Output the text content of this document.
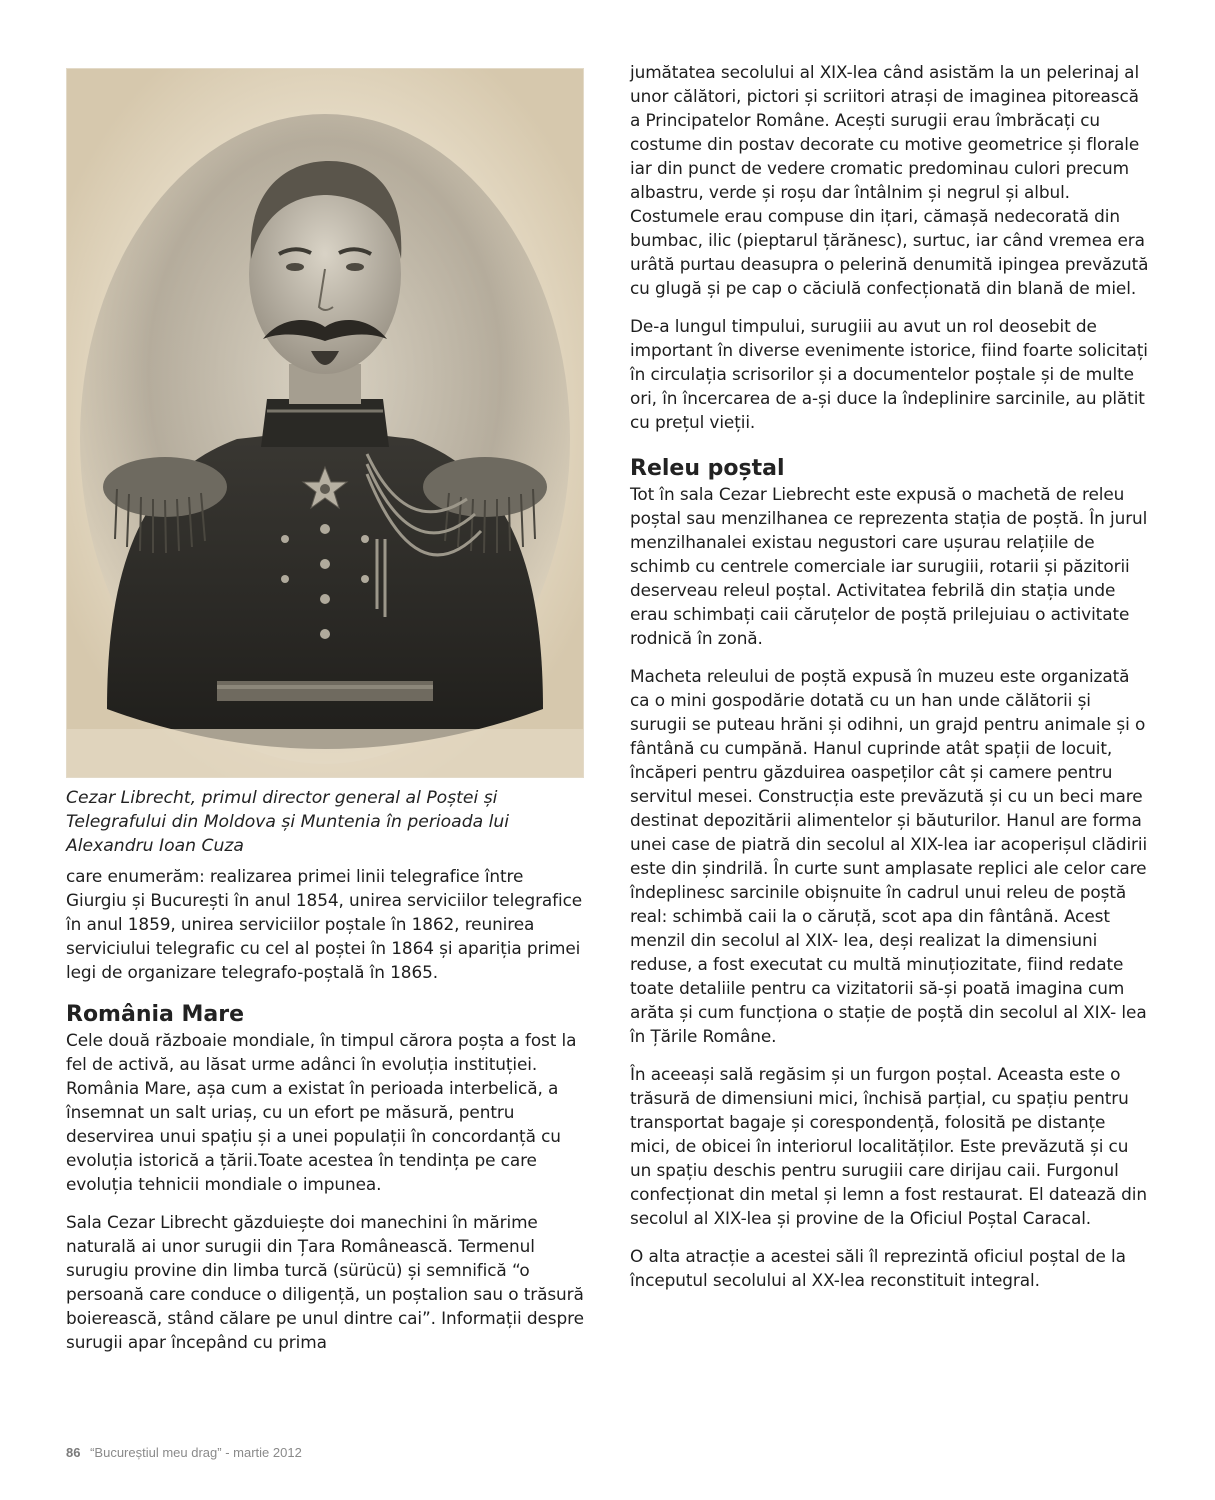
Cezar Librecht, primul director general al Poștei și Telegrafului din Moldova și Muntenia în perioada lui Alexandru Ioan Cuza

care enumerăm: realizarea primei linii telegrafice între Giurgiu și București în anul 1854, unirea serviciilor telegrafice în anul 1859, unirea serviciilor poștale în 1862, reunirea serviciului telegrafic cu cel al poștei în 1864 și apariția primei legi de organizare telegrafo-poștală în 1865.

România Mare

Cele două războaie mondiale, în timpul cărora poșta a fost la fel de activă, au lăsat urme adânci în evoluția instituției. România Mare, așa cum a existat în perioada interbelică, a însemnat un salt uriaș, cu un efort pe măsură, pentru deservirea unui spațiu și a unei populații în concordanță cu evoluția istorică a țării.Toate acestea în tendința pe care evoluția tehnicii mondiale o impunea.

Sala Cezar Librecht găzduiește doi manechini în mărime naturală ai unor surugii din Țara Românească. Termenul surugiu provine din limba turcă (sürücü) și semnifică “o persoană care conduce o diligență, un poștalion sau o trăsură boierească, stând călare pe unul dintre cai”. Informații despre surugii apar începând cu prima

jumătatea secolului al XIX-lea când asistăm la un pelerinaj al unor călători, pictori și scriitori atrași de imaginea pitorească a Principatelor Române. Acești surugii erau îmbrăcați cu costume din postav decorate cu motive geometrice și florale iar din punct de vedere cromatic predominau culori precum albastru, verde și roșu dar întâlnim și negrul și albul. Costumele erau compuse din ițari, cămașă nedecorată din bumbac, ilic (pieptarul țărănesc), surtuc, iar când vremea era urâtă purtau deasupra o pelerină denumită ipingea prevăzută cu glugă și pe cap o căciulă confecționată din blană de miel.

De-a lungul timpului, surugiii au avut un rol deosebit de important în diverse evenimente istorice, fiind foarte solicitați în circulația scrisorilor și a documentelor poștale și de multe ori, în încercarea de a-și duce la îndeplinire sarcinile, au plătit cu prețul vieții.

Releu poștal

Tot în sala Cezar Liebrecht este expusă o machetă de releu poștal sau menzilhanea ce reprezenta stația de poștă. În jurul menzilhanalei existau negustori care ușurau relațiile de schimb cu centrele comerciale iar surugiii, rotarii și păzitorii deserveau releul poștal. Activitatea febrilă din stația unde erau schimbați caii căruțelor de poștă prilejuiau o activitate rodnică în zonă.

Macheta releului de poștă expusă în muzeu este organizată ca o mini gospodărie dotată cu un han unde călătorii și surugii se puteau hrăni și odihni, un grajd pentru animale și o fântână cu cumpănă. Hanul cuprinde atât spații de locuit, încăperi pentru găzduirea oaspeților cât și camere pentru servitul mesei. Construcția este prevăzută și cu un beci mare destinat depozitării alimentelor și băuturilor. Hanul are forma unei case de piatră din secolul al XIX-lea iar acoperișul clădirii este din șindrilă. În curte sunt amplasate replici ale celor care îndeplinesc sarcinile obișnuite în cadrul unui releu de poștă real: schimbă caii la o căruță, scot apa din fântână. Acest menzil din secolul al XIX- lea, deși realizat la dimensiuni reduse, a fost executat cu multă minuțiozitate, fiind redate toate detaliile pentru ca vizitatorii să-și poată imagina cum arăta și cum funcționa o stație de poștă din secolul al XIX- lea în Țările Române.

În aceeași sală regăsim și un furgon poștal. Aceasta este o trăsură de dimensiuni mici, închisă parțial, cu spațiu pentru transportat bagaje și corespondență, folosită pe distanțe mici, de obicei în interiorul localităților. Este prevăzută și cu un spațiu deschis pentru surugiii care dirijau caii. Furgonul confecționat din metal și lemn a fost restaurat. El datează din secolul al XIX-lea și provine de la Oficiul Poștal Caracal.

O alta atracție a acestei săli îl reprezintă oficiul poștal de la începutul secolului al XX-lea reconstituit integral.

86 “Bucureștiul meu drag” - martie 2012
